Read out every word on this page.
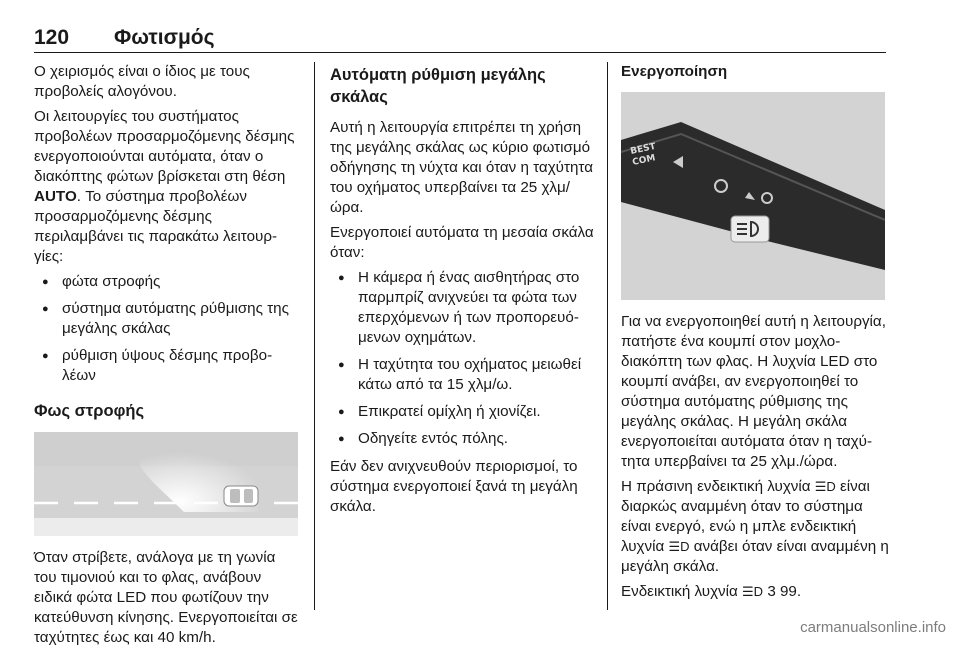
120 Φωτισμός

Ο χειρισμός είναι ο ίδιος με τους προβολείς αλογόνου.

Οι λειτουργίες του συστήματος προβολέων προσαρμοζόμενης δέσμης ενεργοποιούνται αυτόματα, όταν ο διακόπτης φώτων βρίσκεται στη θέση AUTO. Το σύστημα προβολέων προσαρμοζόμενης δέσμης περιλαμβάνει τις παρακάτω λειτουργίες:

● φώτα στροφής
● σύστημα αυτόματης ρύθμισης της μεγάλης σκάλας
● ρύθμιση ύψους δέσμης προβολέων
Φως στροφής

Όταν στρίβετε, ανάλογα με τη γωνία του τιμονιού και το φλας, ανάβουν ειδικά φώτα LED που φωτίζουν την κατεύθυνση κίνησης. Ενεργοποιείται σε ταχύτητες έως και 40 km/h.

Αυτόματη ρύθμιση μεγάλης σκάλας

Αυτή η λειτουργία επιτρέπει τη χρήση της μεγάλης σκάλας ως κύριο φωτισμό οδήγησης τη νύχτα και όταν η ταχύτητα του οχήματος υπερβαίνει τα 25 χλμ/ώρα.

Ενεργοποιεί αυτόματα τη μεσαία σκάλα όταν:

● Η κάμερα ή ένας αισθητήρας στο παρμπρίζ ανιχνεύει τα φώτα των επερχόμενων ή των προπορευόμενων οχημάτων.
● Η ταχύτητα του οχήματος μειωθεί κάτω από τα 15 χλμ/ω.
● Επικρατεί ομίχλη ή χιονίζει.
● Οδηγείτε εντός πόλης.

Εάν δεν ανιχνευθούν περιορισμοί, το σύστημα ενεργοποιεί ξανά τη μεγάλη σκάλα.

Ενεργοποίηση
BEST
COM

Για να ενεργοποιηθεί αυτή η λειτουργία, πατήστε ένα κουμπί στον μοχλοδιακόπτη των φλας. Η λυχνία LED στο κουμπί ανάβει, αν ενεργοποιηθεί το σύστημα αυτόματης ρύθμισης της μεγάλης σκάλας. Η μεγάλη σκάλα ενεργοποιείται αυτόματα όταν η ταχύτητα υπερβαίνει τα 25 χλμ./ώρα.

Η πράσινη ενδεικτική λυχνία ☰D είναι διαρκώς αναμμένη όταν το σύστημα είναι ενεργό, ενώ η μπλε ενδεικτική λυχνία ☰D ανάβει όταν είναι αναμμένη η μεγάλη σκάλα.

Ενδεικτική λυχνία ☰D 3 99.

carmanualsonline.info
